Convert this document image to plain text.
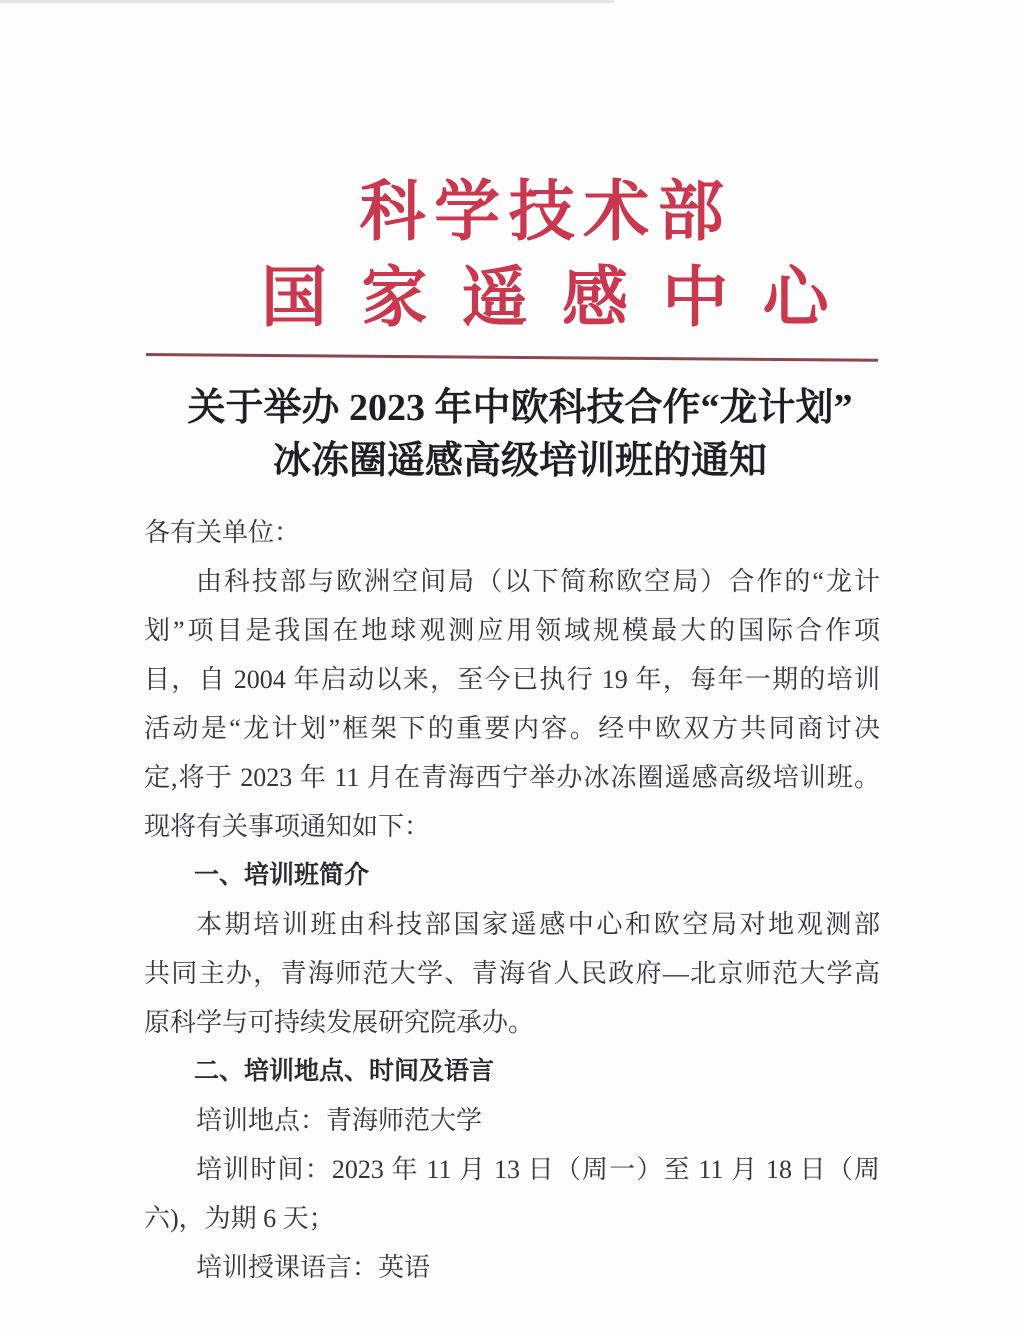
科学技术部
国家遥感中心
关于举办 2023 年中欧科技合作“龙计划”
冰冻圈遥感高级培训班的通知
各有关单位：
由科技部与欧洲空间局（以下简称欧空局）合作的“龙计
划”项目是我国在地球观测应用领域规模最大的国际合作项
目，自 2004 年启动以来，至今已执行 19 年，每年一期的培训
活动是“龙计划”框架下的重要内容。经中欧双方共同商讨决
定,将于 2023 年 11 月在青海西宁举办冰冻圈遥感高级培训班。
现将有关事项通知如下：
一、培训班简介
本期培训班由科技部国家遥感中心和欧空局对地观测部
共同主办，青海师范大学、青海省人民政府—北京师范大学高
原科学与可持续发展研究院承办。
二、培训地点、时间及语言
培训地点：青海师范大学
培训时间：2023 年 11 月 13 日（周一）至 11 月 18 日（周
六)，为期 6 天；
培训授课语言：英语
